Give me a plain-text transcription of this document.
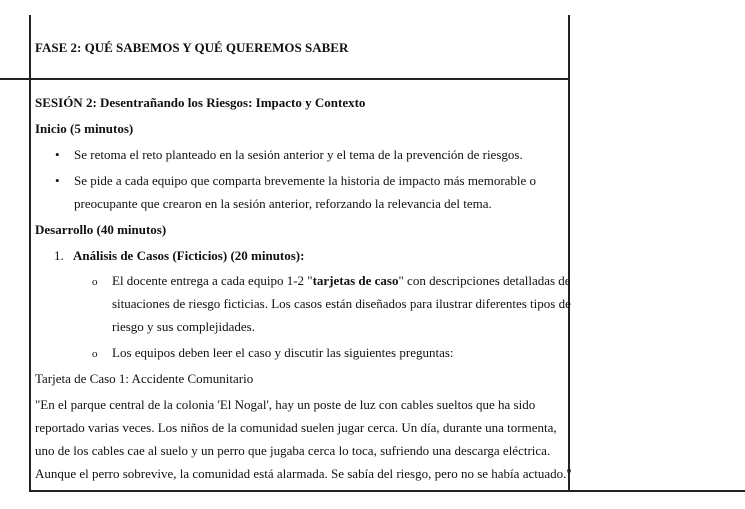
FASE 2: QUÉ SABEMOS Y QUÉ QUEREMOS SABER
SESIÓN 2: Desentrañando los Riesgos: Impacto y Contexto
Inicio (5 minutos)
• Se retoma el reto planteado en la sesión anterior y el tema de la prevención de riesgos.
• Se pide a cada equipo que comparta brevemente la historia de impacto más memorable o
preocupante que crearon en la sesión anterior, reforzando la relevancia del tema.
Desarrollo (40 minutos)
1. Análisis de Casos (Ficticios) (20 minutos):
o El docente entrega a cada equipo 1-2 "tarjetas de caso" con descripciones detalladas de
situaciones de riesgo ficticias. Los casos están diseñados para ilustrar diferentes tipos de
riesgo y sus complejidades.
o Los equipos deben leer el caso y discutir las siguientes preguntas:
Tarjeta de Caso 1: Accidente Comunitario
"En el parque central de la colonia 'El Nogal', hay un poste de luz con cables sueltos que ha sido
reportado varias veces. Los niños de la comunidad suelen jugar cerca. Un día, durante una tormenta,
uno de los cables cae al suelo y un perro que jugaba cerca lo toca, sufriendo una descarga eléctrica.
Aunque el perro sobrevive, la comunidad está alarmada. Se sabía del riesgo, pero no se había actuado."
